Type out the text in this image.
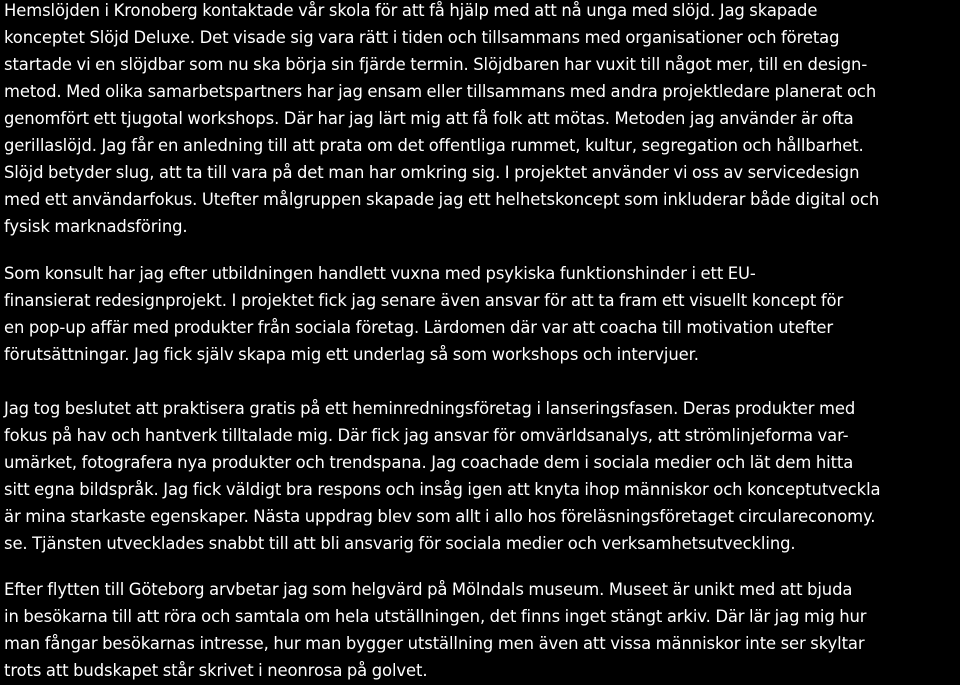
Hemslöjden i Kronoberg kontaktade vår skola för att få hjälp med att nå unga med slöjd. Jag skapade
konceptet Slöjd Deluxe. Det visade sig vara rätt i tiden och tillsammans med organisationer och företag
startade vi en slöjdbar som nu ska börja sin fjärde termin. Slöjdbaren har vuxit till något mer, till en design-
metod. Med olika samarbetspartners har jag ensam eller tillsammans med andra projektledare planerat och
genomfört ett tjugotal workshops. Där har jag lärt mig att få folk att mötas. Metoden jag använder är ofta
gerillaslöjd. Jag får en anledning till att prata om det offentliga rummet, kultur, segregation och hållbarhet.
Slöjd betyder slug, att ta till vara på det man har omkring sig. I projektet använder vi oss av servicedesign
med ett användarfokus. Utefter målgruppen skapade jag ett helhetskoncept som inkluderar både digital och
fysisk marknadsföring.
Som konsult har jag efter utbildningen handlett vuxna med psykiska funktionshinder i ett EU-
finansierat redesignprojekt. I projektet fick jag senare även ansvar för att ta fram ett visuellt koncept för
en pop-up affär med produkter från sociala företag. Lärdomen där var att coacha till motivation utefter
förutsättningar. Jag fick själv skapa mig ett underlag så som workshops och intervjuer.
Jag tog beslutet att praktisera gratis på ett heminredningsföretag i lanseringsfasen. Deras produkter med
fokus på hav och hantverk tilltalade mig. Där fick jag ansvar för omvärldsanalys, att strömlinjeforma var-
umärket, fotografera nya produkter och trendspana. Jag coachade dem i sociala medier och lät dem hitta
sitt egna bildspråk. Jag fick väldigt bra respons och insåg igen att knyta ihop människor och konceptutveckla
är mina starkaste egenskaper. Nästa uppdrag blev som allt i allo hos föreläsningsföretaget circulareconomy.
se. Tjänsten utvecklades snabbt till att bli ansvarig för sociala medier och verksamhetsutveckling.
Efter flytten till Göteborg arvbetar jag som helgvärd på Mölndals museum. Museet är unikt med att bjuda
in besökarna till att röra och samtala om hela utställningen, det finns inget stängt arkiv. Där lär jag mig hur
man fångar besökarnas intresse, hur man bygger utställning men även att vissa människor inte ser skyltar
trots att budskapet står skrivet i neonrosa på golvet.
